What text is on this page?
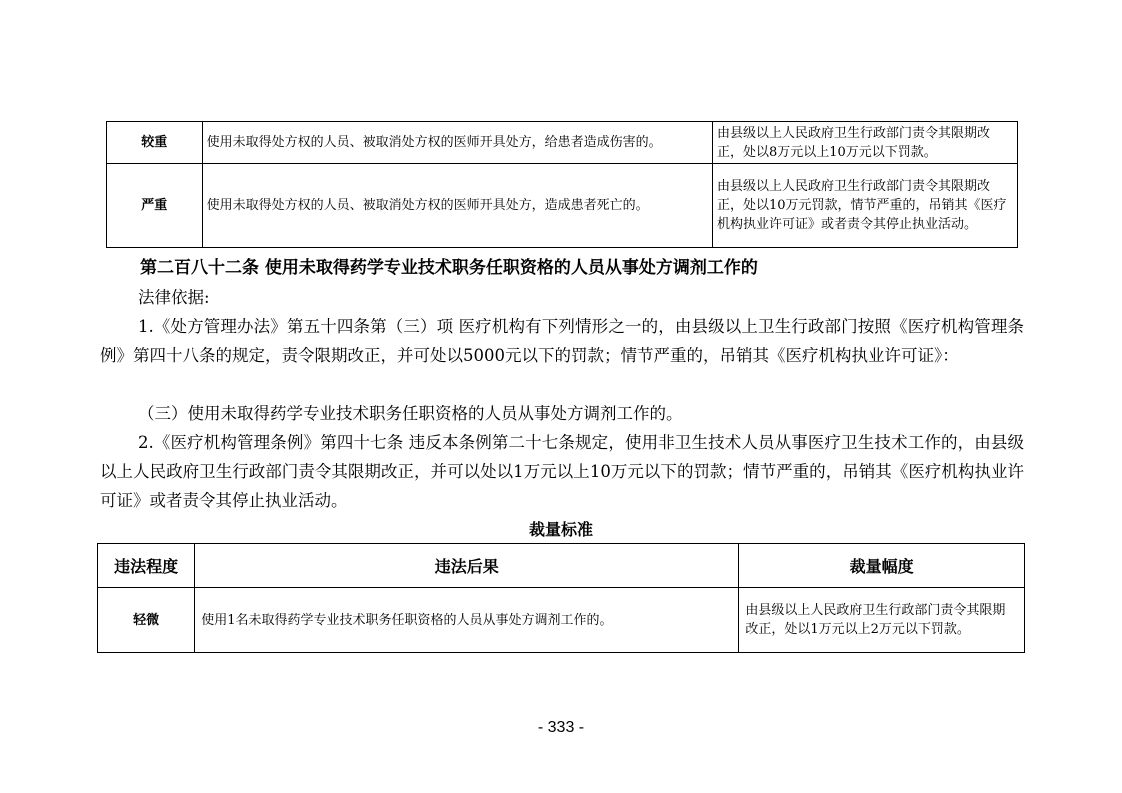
较重	使用未取得处方权的人员、被取消处方权的医师开具处方，给患者造成伤害的。	由县级以上人民政府卫生行政部门责令其限期改正，处以8万元以上10万元以下罚款。
严重	使用未取得处方权的人员、被取消处方权的医师开具处方，造成患者死亡的。	由县级以上人民政府卫生行政部门责令其限期改正，处以10万元罚款，情节严重的，吊销其《医疗机构执业许可证》或者责令其停止执业活动。
第二百八十二条 使用未取得药学专业技术职务任职资格的人员从事处方调剂工作的

法律依据:

1.《处方管理办法》第五十四条第（三）项 医疗机构有下列情形之一的，由县级以上卫生行政部门按照《医疗机构管理条例》第四十八条的规定，责令限期改正，并可处以5000元以下的罚款；情节严重的，吊销其《医疗机构执业许可证》：

（三）使用未取得药学专业技术职务任职资格的人员从事处方调剂工作的。

2.《医疗机构管理条例》第四十七条 违反本条例第二十七条规定，使用非卫生技术人员从事医疗卫生技术工作的，由县级以上人民政府卫生行政部门责令其限期改正，并可以处以1万元以上10万元以下的罚款；情节严重的，吊销其《医疗机构执业许可证》或者责令其停止执业活动。

裁量标准
违法程度	违法后果	裁量幅度
轻微	使用1名未取得药学专业技术职务任职资格的人员从事处方调剂工作的。	由县级以上人民政府卫生行政部门责令其限期改正，处以1万元以上2万元以下罚款。
- 333 -
